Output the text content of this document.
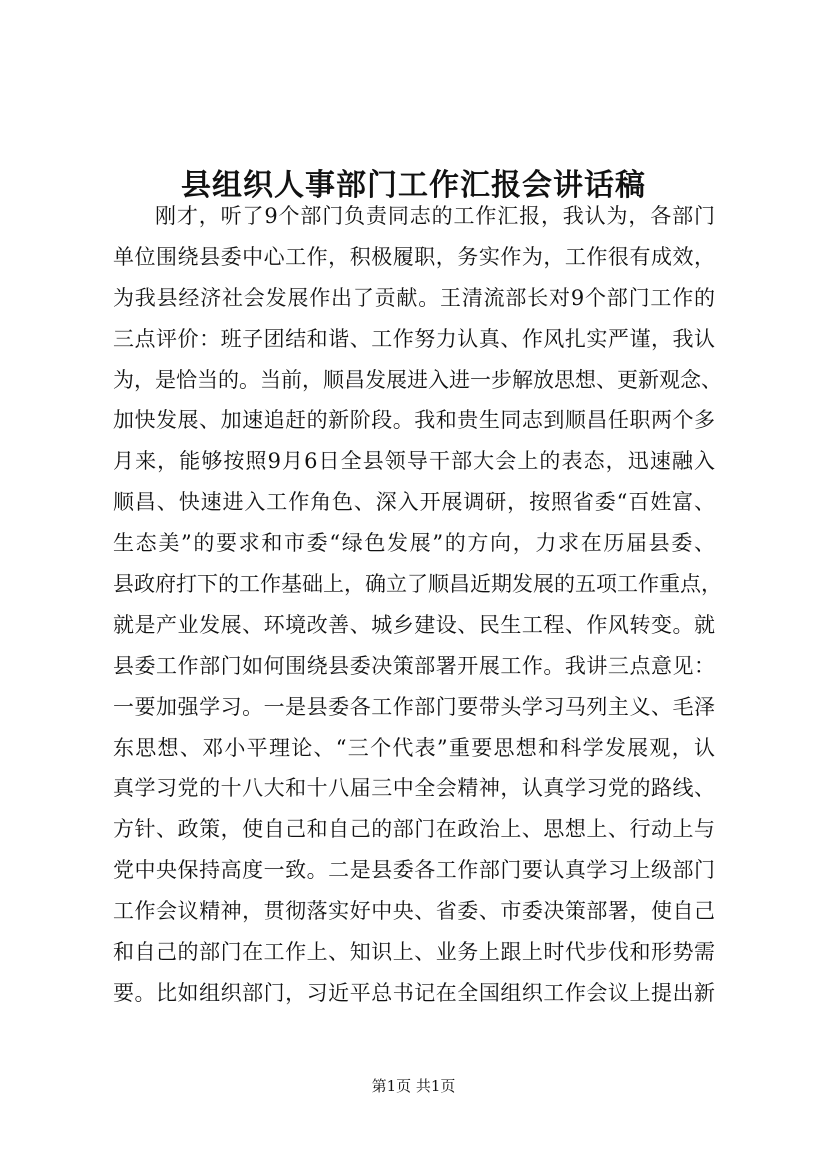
县组织人事部门工作汇报会讲话稿
刚才，听了9个部门负责同志的工作汇报，我认为，各部门
单位围绕县委中心工作，积极履职，务实作为，工作很有成效，
为我县经济社会发展作出了贡献。王清流部长对9个部门工作的
三点评价：班子团结和谐、工作努力认真、作风扎实严谨，我认
为，是恰当的。当前，顺昌发展进入进一步解放思想、更新观念、
加快发展、加速追赶的新阶段。我和贵生同志到顺昌任职两个多
月来，能够按照9月6日全县领导干部大会上的表态，迅速融入
顺昌、快速进入工作角色、深入开展调研，按照省委“百姓富、
生态美”的要求和市委“绿色发展”的方向，力求在历届县委、
县政府打下的工作基础上，确立了顺昌近期发展的五项工作重点，
就是产业发展、环境改善、城乡建设、民生工程、作风转变。就
县委工作部门如何围绕县委决策部署开展工作。我讲三点意见：
一要加强学习。一是县委各工作部门要带头学习马列主义、毛泽
东思想、邓小平理论、“三个代表”重要思想和科学发展观，认
真学习党的十八大和十八届三中全会精神，认真学习党的路线、
方针、政策，使自己和自己的部门在政治上、思想上、行动上与
党中央保持高度一致。二是县委各工作部门要认真学习上级部门
工作会议精神，贯彻落实好中央、省委、市委决策部署，使自己
和自己的部门在工作上、知识上、业务上跟上时代步伐和形势需
要。比如组织部门，习近平总书记在全国组织工作会议上提出新
第1页 共1页
